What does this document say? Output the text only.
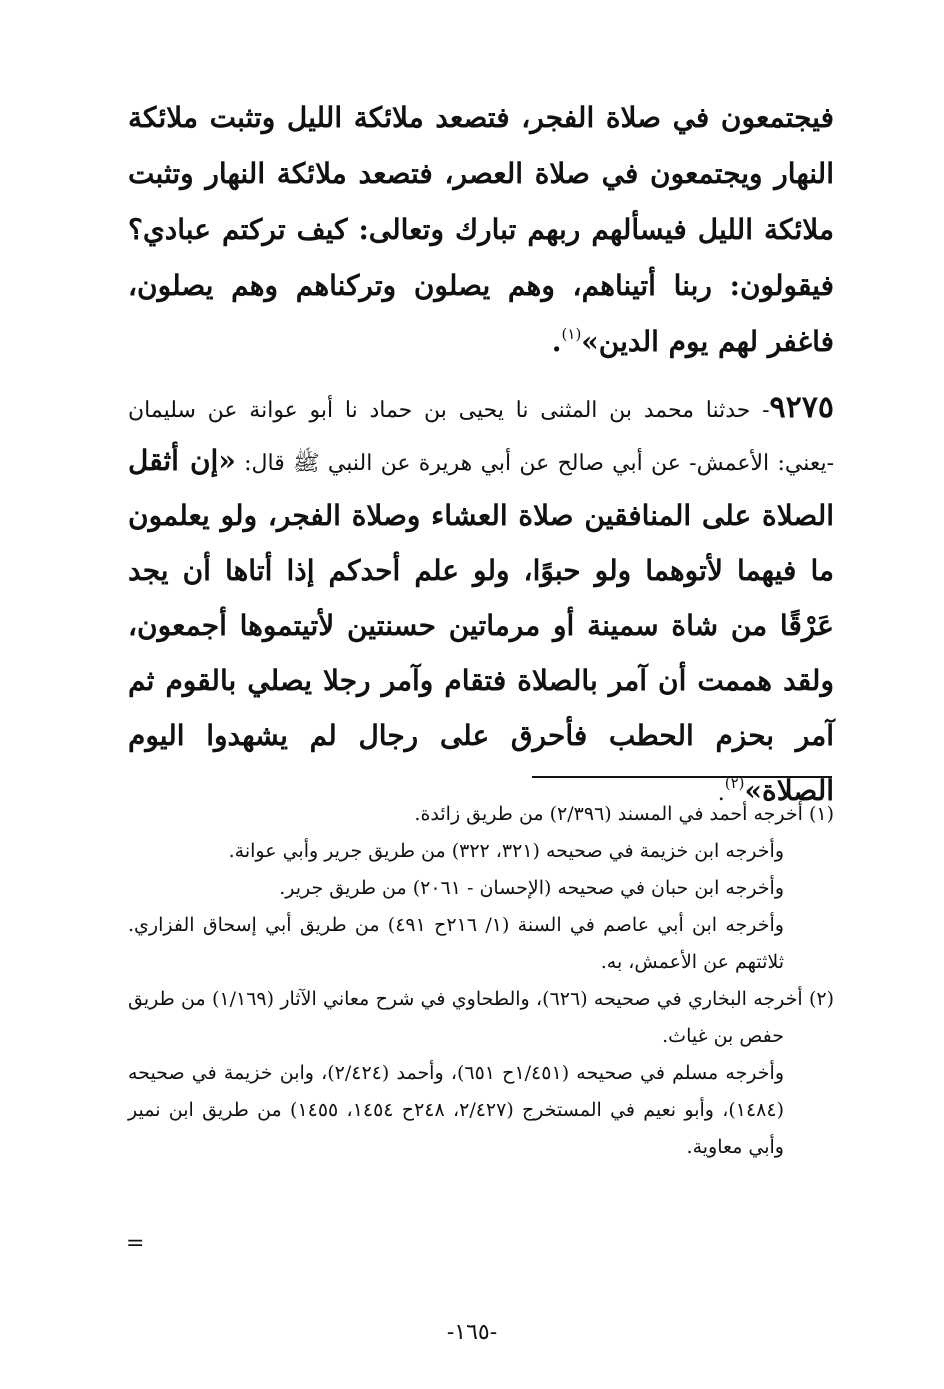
فيجتمعون في صلاة الفجر، فتصعد ملائكة الليل وتثبت ملائكة النهار ويجتمعون في صلاة العصر، فتصعد ملائكة النهار وتثبت ملائكة الليل فيسألهم ربهم تبارك وتعالى: كيف تركتم عبادي؟ فيقولون: ربنا أتيناهم، وهم يصلون وتركناهم وهم يصلون، فاغفر لهم يوم الدين»$^{(١)}$.

٩٢٧٥- حدثنا محمد بن المثنى نا يحيى بن حماد نا أبو عوانة عن سليمان -يعني: الأعمش- عن أبي صالح عن أبي هريرة عن النبي ﷺ قال: «إن أثقل الصلاة على المنافقين صلاة العشاء وصلاة الفجر، ولو يعلمون ما فيهما لأتوهما ولو حبوًا، ولو علم أحدكم إذا أتاها أن يجد عَرْقًا من شاة سمينة أو مرماتين حسنتين لأتيتموها أجمعون، ولقد هممت أن آمر بالصلاة فتقام وآمر رجلا يصلي بالقوم ثم آمر بحزم الحطب فأحرق على رجال لم يشهدوا اليوم الصلاة»$^{(٢)}$.

(١) أخرجه أحمد في المسند (٢/٣٩٦) من طريق زائدة.
وأخرجه ابن خزيمة في صحيحه (٣٢١، ٣٢٢) من طريق جرير وأبي عوانة.
وأخرجه ابن حبان في صحيحه (الإحسان - ٢٠٦١) من طريق جرير.
وأخرجه ابن أبي عاصم في السنة (١/ ٢١٦ح ٤٩١) من طريق أبي إسحاق الفزاري. ثلاثتهم عن الأعمش، به.
(٢) أخرجه البخاري في صحيحه (٦٢٦)، والطحاوي في شرح معاني الآثار (١/١٦٩) من طريق حفص بن غياث.
وأخرجه مسلم في صحيحه (١/٤٥١ح ٦٥١)، وأحمد (٢/٤٢٤)، وابن خزيمة في صحيحه (١٤٨٤)، وأبو نعيم في المستخرج (٢/٤٢٧، ٢٤٨ح ١٤٥٤، ١٤٥٥) من طريق ابن نمير وأبي معاوية.
=
-١٦٥-
